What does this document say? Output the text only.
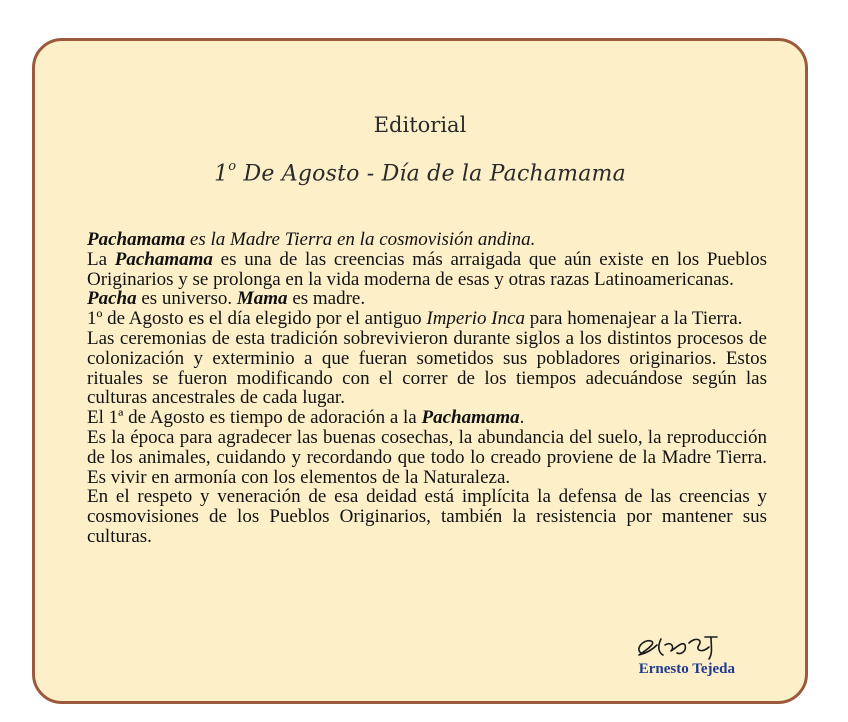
Editorial
1$^o$ De Agosto - Día de la Pachamama

Pachamama es la Madre Tierra en la cosmovisión andina.

La Pachamama es una de las creencias más arraigada que aún existe en los Pueblos Originarios y se prolonga en la vida moderna de esas y otras razas Latinoamericanas.

Pacha es universo. Mama es madre.

1º de Agosto es el día elegido por el antiguo Imperio Inca para homenajear a la Tierra.

Las ceremonias de esta tradición sobrevivieron durante siglos a los distintos procesos de colonización y exterminio a que fueran sometidos sus pobladores originarios. Estos rituales se fueron modificando con el correr de los tiempos adecuándose según las culturas ancestrales de cada lugar.

El 1ª de Agosto es tiempo de adoración a la Pachamama.

Es la época para agradecer las buenas cosechas, la abundancia del suelo, la reproducción de los animales, cuidando y recordando que todo lo creado proviene de la Madre Tierra. Es vivir en armonía con los elementos de la Naturaleza.

En el respeto y veneración de esa deidad está implícita la defensa de las creencias y cosmovisiones de los Pueblos Originarios, también la resistencia por mantener sus culturas.

Ernesto Tejeda
